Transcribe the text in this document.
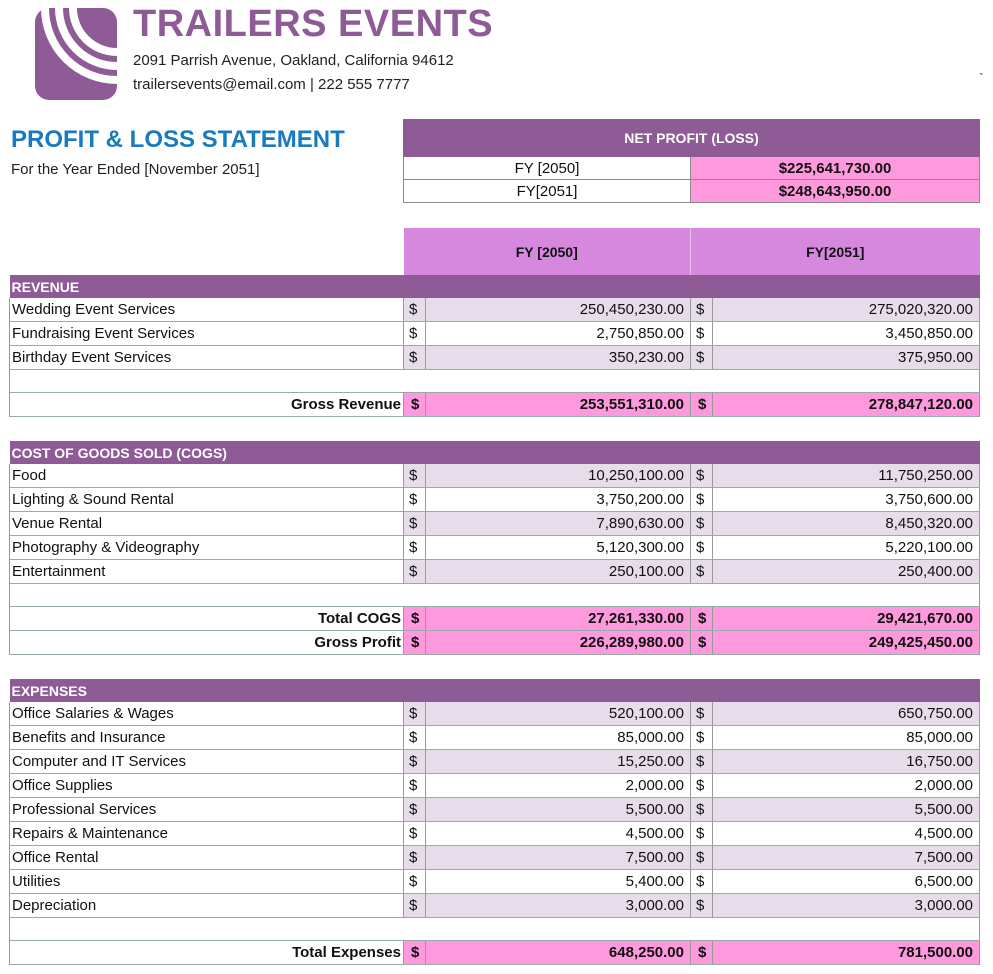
TRAILERS EVENTS
2091 Parrish Avenue, Oakland, California 94612
trailersevents@email.com | 222 555 7777	`
PROFIT & LOSS STATEMENT
For the Year Ended [November 2051]
NET PROFIT (LOSS)	
FY [2050]	$225,641,730.00
FY[2051]	$248,643,950.00
	FY [2050]		FY[2051]	
REVENUE				
Wedding Event Services	$	250,450,230.00	$	275,020,320.00
Fundraising Event Services	$	2,750,850.00	$	3,450,850.00
Birthday Event Services	$	350,230.00	$	375,950.00

Gross Revenue	$	253,551,310.00	$	278,847,120.00

COST OF GOODS SOLD (COGS)				
Food	$	10,250,100.00	$	11,750,250.00
Lighting & Sound Rental	$	3,750,200.00	$	3,750,600.00
Venue Rental	$	7,890,630.00	$	8,450,320.00
Photography & Videography	$	5,120,300.00	$	5,220,100.00
Entertainment	$	250,100.00	$	250,400.00

Total COGS	$	27,261,330.00	$	29,421,670.00
Gross Profit	$	226,289,980.00	$	249,425,450.00

EXPENSES				
Office Salaries & Wages	$	520,100.00	$	650,750.00
Benefits and Insurance	$	85,000.00	$	85,000.00
Computer and IT Services	$	15,250.00	$	16,750.00
Office Supplies	$	2,000.00	$	2,000.00
Professional Services	$	5,500.00	$	5,500.00
Repairs & Maintenance	$	4,500.00	$	4,500.00
Office Rental	$	7,500.00	$	7,500.00
Utilities	$	5,400.00	$	6,500.00
Depreciation	$	3,000.00	$	3,000.00

Total Expenses	$	648,250.00	$	781,500.00
